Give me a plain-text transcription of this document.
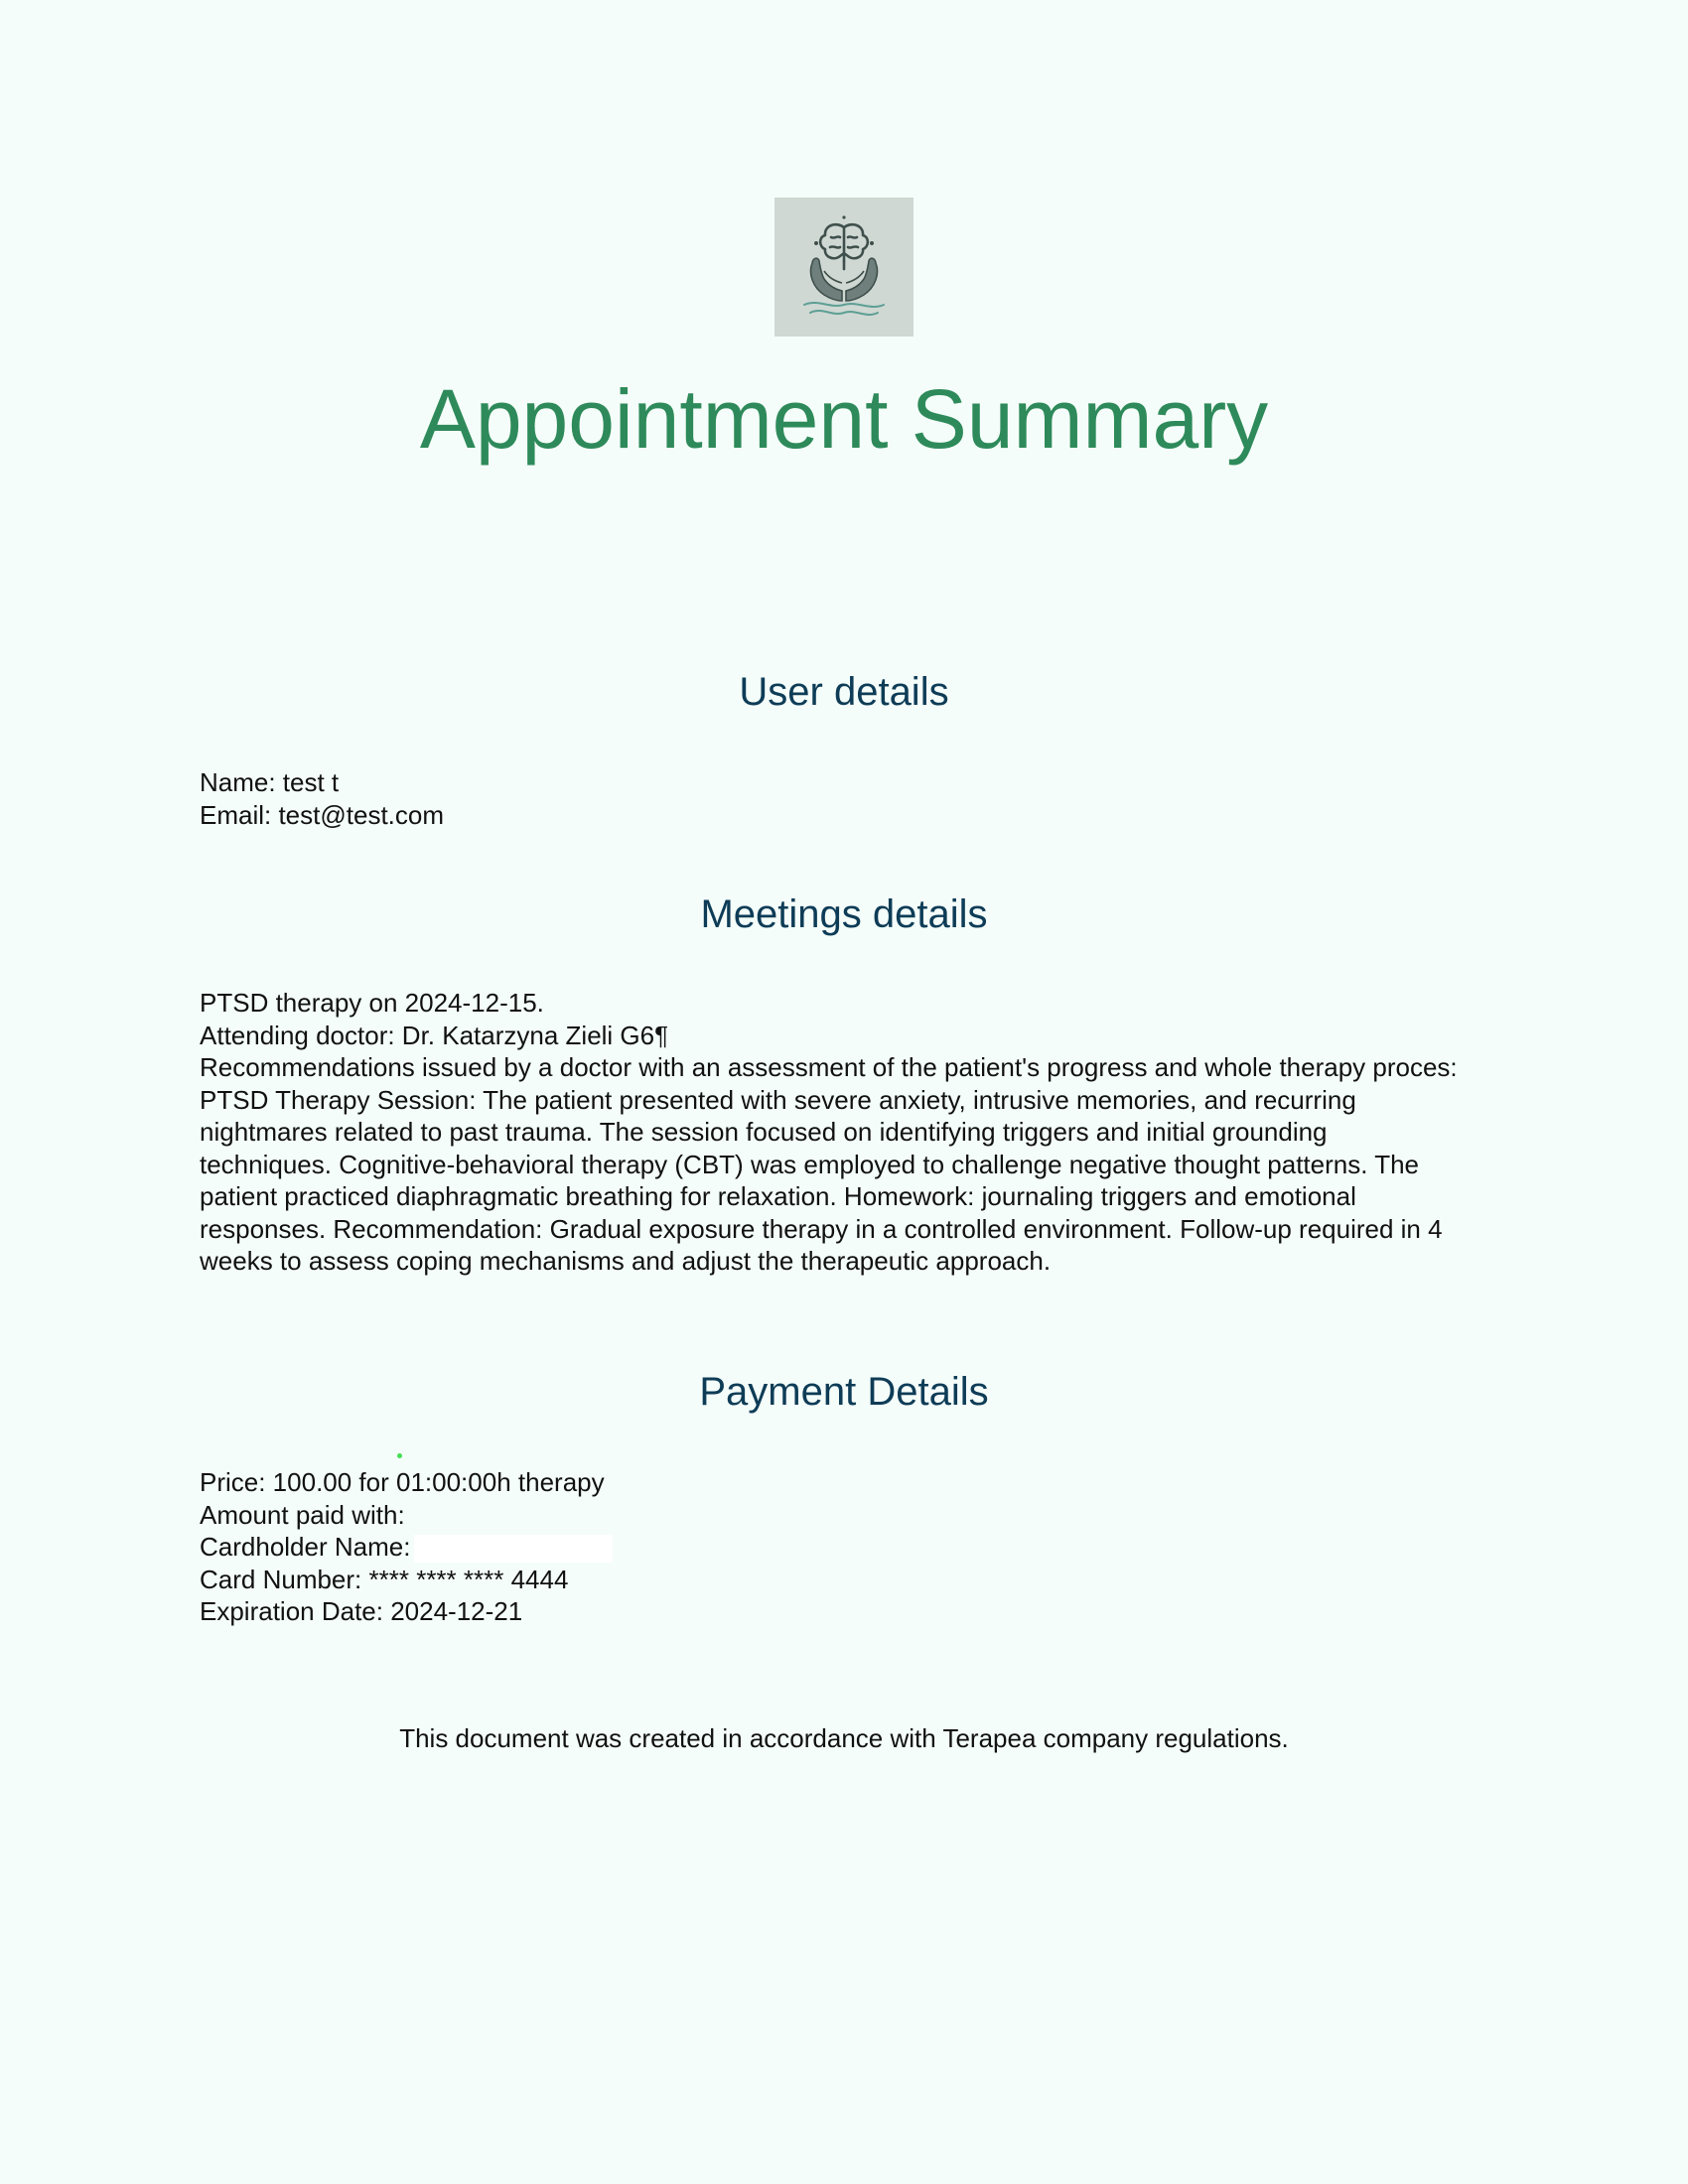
Appointment Summary
User details
Name: test t
Email: test@test.com
Meetings details
PTSD therapy on 2024-12-15.
Attending doctor: Dr. Katarzyna Zieli G6¶
Recommendations issued by a doctor with an assessment of the patient's progress and whole therapy proces:
PTSD Therapy Session: The patient presented with severe anxiety, intrusive memories, and recurring nightmares related to past trauma. The session focused on identifying triggers and initial grounding techniques. Cognitive-behavioral therapy (CBT) was employed to challenge negative thought patterns. The patient practiced diaphragmatic breathing for relaxation. Homework: journaling triggers and emotional responses. Recommendation: Gradual exposure therapy in a controlled environment. Follow-up required in 4 weeks to assess coping mechanisms and adjust the therapeutic approach.
Payment Details
Price: 100.00 for 01:00:00h therapy
Amount paid with:
Cardholder Name:
Card Number: **** **** **** 4444
Expiration Date: 2024-12-21
This document was created in accordance with Terapea company regulations.
